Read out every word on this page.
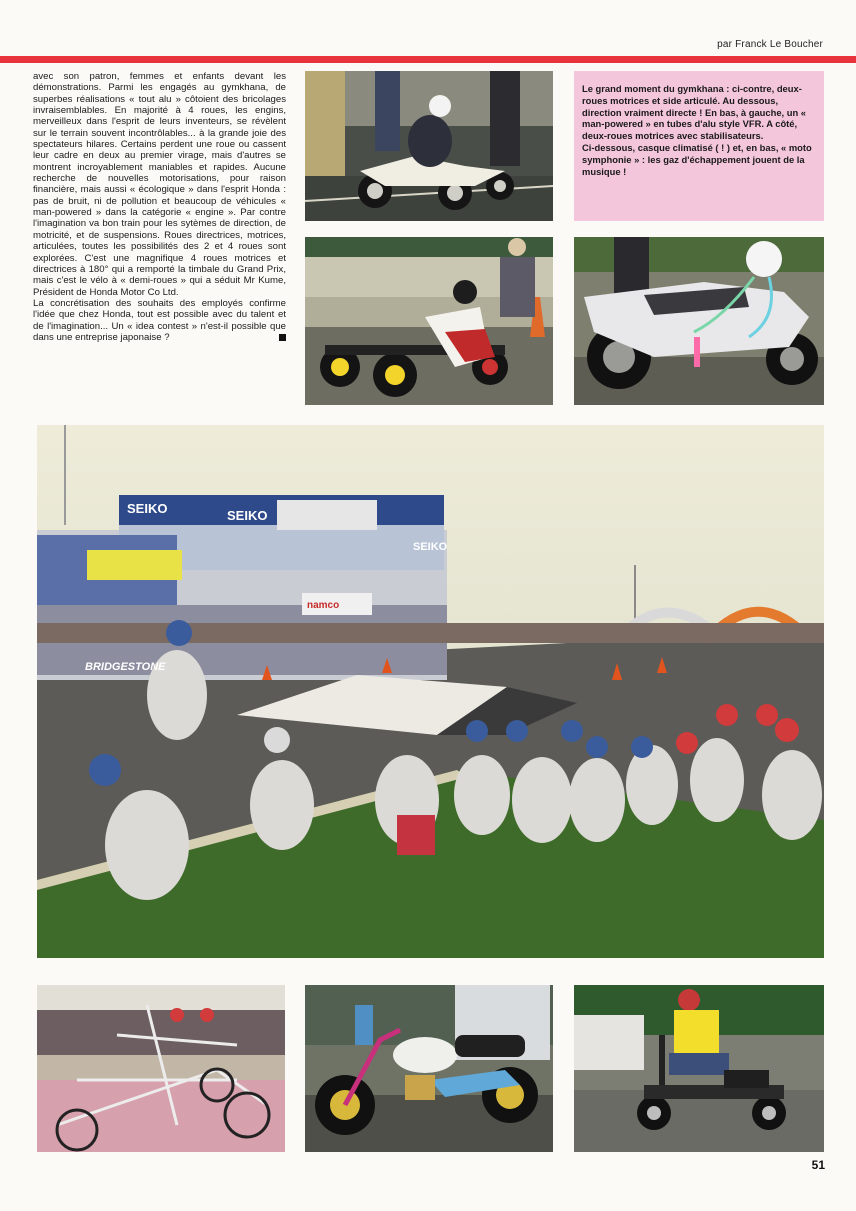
par Franck Le Boucher

avec son patron, femmes et enfants devant les démonstrations. Parmi les engagés au gymkhana, de superbes réalisations « tout alu » côtoient des bricolages invraisemblables. En majorité à 4 roues, les engins, merveilleux dans l'esprit de leurs inventeurs, se révèlent sur le terrain souvent incontrôlables... à la grande joie des spectateurs hilares. Certains perdent une roue ou cassent leur cadre en deux au premier virage, mais d'autres se montrent incroyablement maniables et rapides. Aucune recherche de nouvelles motorisations, pour raison financière, mais aussi « écologique » dans l'esprit Honda : pas de bruit, ni de pollution et beaucoup de véhicules « man-powered » dans la catégorie « engine ». Par contre l'imagination va bon train pour les sytèmes de direction, de motricité, et de suspensions. Roues directrices, motrices, articulées, toutes les possibilités des 2 et 4 roues sont explorées. C'est une magnifique 4 roues motrices et directrices à 180° qui a remporté la timbale du Grand Prix, mais c'est le vélo à « demi-roues » qui a séduit Mr Kume, Président de Honda Motor Co Ltd.

La concrétisation des souhaits des employés confirme l'idée que chez Honda, tout est possible avec du talent et de l'imagination... Un « idea contest » n'est-il possible que dans une entreprise japonaise ?

Le grand moment du gymkhana : ci-contre, deux-roues motrices et side articulé. Au dessous, direction vraiment directe ! En bas, à gauche, un « man-powered » en tubes d'alu style VFR. A côté, deux-roues motrices avec stabilisateurs.

Ci-dessous, casque climatisé ( ! ) et, en bas, « moto symphonie » : les gaz d'échappement jouent de la musique !

SEIKO	SEIKO
SEIKO
namco
BRIDGESTONE
51
